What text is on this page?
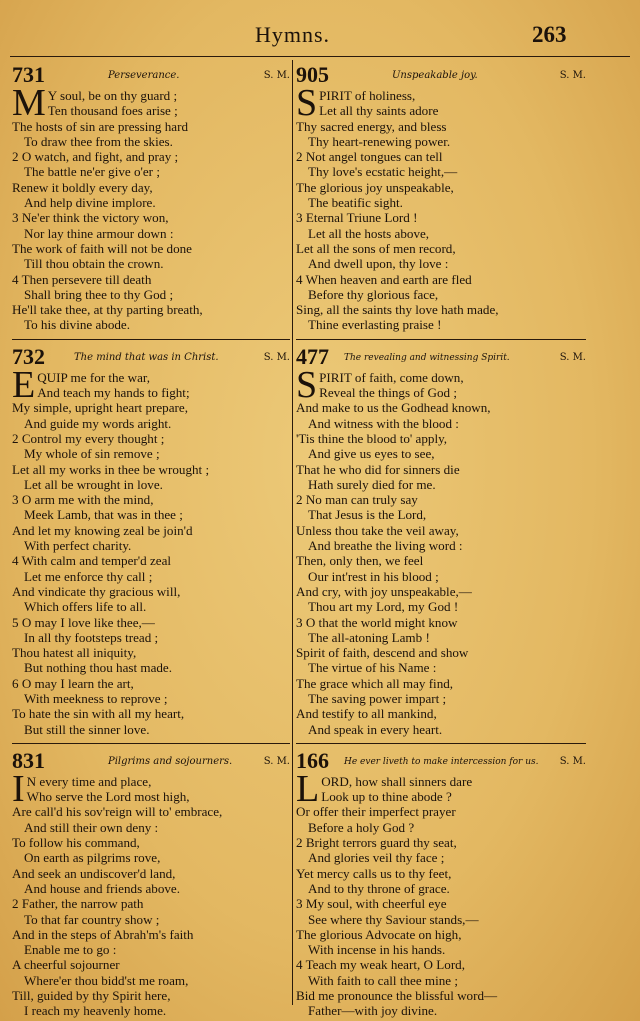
Hymns.	263
731	Perseverance.	S. M.
M Y soul, be on thy guard ;
Ten thousand foes arise ;
The hosts of sin are pressing hard
To draw thee from the skies.
2 O watch, and fight, and pray ;
The battle ne'er give o'er ;
Renew it boldly every day,
And help divine implore.
3 Ne'er think the victory won,
Nor lay thine armour down :
The work of faith will not be done
Till thou obtain the crown.
4 Then persevere till death
Shall bring thee to thy God ;
He'll take thee, at thy parting breath,
To his divine abode.
732	The mind that was in Christ.	S. M.
E QUIP me for the war,
And teach my hands to fight;
My simple, upright heart prepare,
And guide my words aright.
2 Control my every thought ;
My whole of sin remove ;
Let all my works in thee be wrought ;
Let all be wrought in love.
3 O arm me with the mind,
Meek Lamb, that was in thee ;
And let my knowing zeal be join'd
With perfect charity.
4 With calm and temper'd zeal
Let me enforce thy call ;
And vindicate thy gracious will,
Which offers life to all.
5 O may I love like thee,—
In all thy footsteps tread ;
Thou hatest all iniquity,
But nothing thou hast made.
6 O may I learn the art,
With meekness to reprove ;
To hate the sin with all my heart,
But still the sinner love.
831	Pilgrims and sojourners.	S. M.
I N every time and place,
Who serve the Lord most high,
Are call'd his sov'reign will to' embrace,
And still their own deny :
To follow his command,
On earth as pilgrims rove,
And seek an undiscover'd land,
And house and friends above.
2 Father, the narrow path
To that far country show ;
And in the steps of Abrah'm's faith
Enable me to go :
A cheerful sojourner
Where'er thou bidd'st me roam,
Till, guided by thy Spirit here,
I reach my heavenly home.
905	Unspeakable joy.	S. M.
S PIRIT of holiness,
Let all thy saints adore
Thy sacred energy, and bless
Thy heart-renewing power.
2 Not angel tongues can tell
Thy love's ecstatic height,—
The glorious joy unspeakable,
The beatific sight.
3 Eternal Triune Lord !
Let all the hosts above,
Let all the sons of men record,
And dwell upon, thy love :
4 When heaven and earth are fled
Before thy glorious face,
Sing, all the saints thy love hath made,
Thine everlasting praise !
477 The revealing and witnessing Spirit.	S. M.
S PIRIT of faith, come down,
Reveal the things of God ;
And make to us the Godhead known,
And witness with the blood :
'Tis thine the blood to' apply,
And give us eyes to see,
That he who did for sinners die
Hath surely died for me.
2 No man can truly say
That Jesus is the Lord,
Unless thou take the veil away,
And breathe the living word :
Then, only then, we feel
Our int'rest in his blood ;
And cry, with joy unspeakable,—
Thou art my Lord, my God !
3 O that the world might know
The all-atoning Lamb !
Spirit of faith, descend and show
The virtue of his Name :
The grace which all may find,
The saving power impart ;
And testify to all mankind,
And speak in every heart.
166 He ever liveth to make intercession for us. S. M.
L ORD, how shall sinners dare
Look up to thine abode ?
Or offer their imperfect prayer
Before a holy God ?
2 Bright terrors guard thy seat,
And glories veil thy face ;
Yet mercy calls us to thy feet,
And to thy throne of grace.
3 My soul, with cheerful eye
See where thy Saviour stands,—
The glorious Advocate on high,
With incense in his hands.
4 Teach my weak heart, O Lord,
With faith to call thee mine ;
Bid me pronounce the blissful word—
Father—with joy divine.
